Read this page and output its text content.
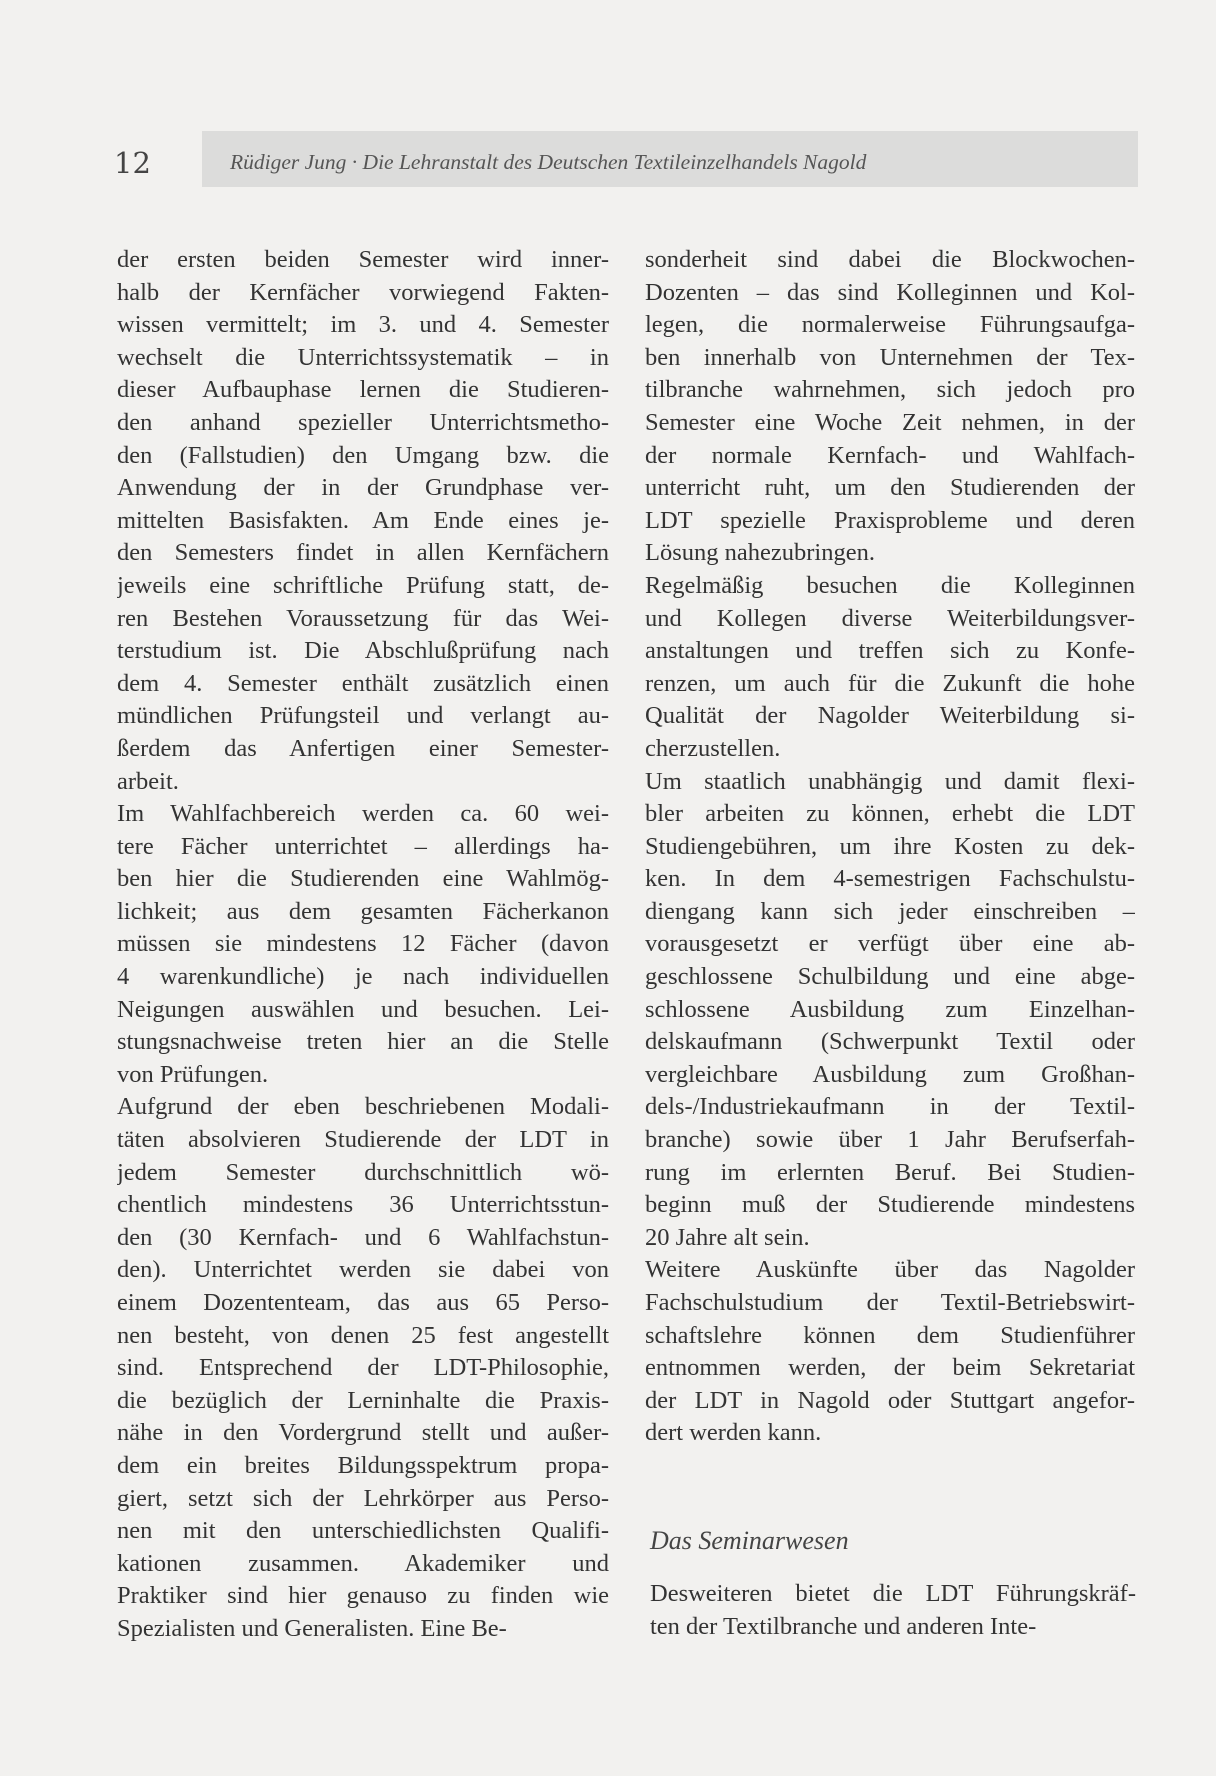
12	Rüdiger Jung · Die Lehranstalt des Deutschen Textileinzelhandels Nagold
der ersten beiden Semester wird inner-
halb der Kernfächer vorwiegend Fakten-
wissen vermittelt; im 3. und 4. Semester
wechselt die Unterrichtssystematik – in
dieser Aufbauphase lernen die Studieren-
den anhand spezieller Unterrichtsmetho-
den (Fallstudien) den Umgang bzw. die
Anwendung der in der Grundphase ver-
mittelten Basisfakten. Am Ende eines je-
den Semesters findet in allen Kernfächern
jeweils eine schriftliche Prüfung statt, de-
ren Bestehen Voraussetzung für das Wei-
terstudium ist. Die Abschlußprüfung nach
dem 4. Semester enthält zusätzlich einen
mündlichen Prüfungsteil und verlangt au-
ßerdem das Anfertigen einer Semester-
arbeit.
Im Wahlfachbereich werden ca. 60 wei-
tere Fächer unterrichtet – allerdings ha-
ben hier die Studierenden eine Wahlmög-
lichkeit; aus dem gesamten Fächerkanon
müssen sie mindestens 12 Fächer (davon
4 warenkundliche) je nach individuellen
Neigungen auswählen und besuchen. Lei-
stungsnachweise treten hier an die Stelle
von Prüfungen.
Aufgrund der eben beschriebenen Modali-
täten absolvieren Studierende der LDT in
jedem Semester durchschnittlich wö-
chentlich mindestens 36 Unterrichtsstun-
den (30 Kernfach- und 6 Wahlfachstun-
den). Unterrichtet werden sie dabei von
einem Dozententeam, das aus 65 Perso-
nen besteht, von denen 25 fest angestellt
sind. Entsprechend der LDT-Philosophie,
die bezüglich der Lerninhalte die Praxis-
nähe in den Vordergrund stellt und außer-
dem ein breites Bildungsspektrum propa-
giert, setzt sich der Lehrkörper aus Perso-
nen mit den unterschiedlichsten Qualifi-
kationen zusammen. Akademiker und
Praktiker sind hier genauso zu finden wie
Spezialisten und Generalisten. Eine Be-
sonderheit sind dabei die Blockwochen-
Dozenten – das sind Kolleginnen und Kol-
legen, die normalerweise Führungsaufga-
ben innerhalb von Unternehmen der Tex-
tilbranche wahrnehmen, sich jedoch pro
Semester eine Woche Zeit nehmen, in der
der normale Kernfach- und Wahlfach-
unterricht ruht, um den Studierenden der
LDT spezielle Praxisprobleme und deren
Lösung nahezubringen.
Regelmäßig besuchen die Kolleginnen
und Kollegen diverse Weiterbildungsver-
anstaltungen und treffen sich zu Konfe-
renzen, um auch für die Zukunft die hohe
Qualität der Nagolder Weiterbildung si-
cherzustellen.
Um staatlich unabhängig und damit flexi-
bler arbeiten zu können, erhebt die LDT
Studiengebühren, um ihre Kosten zu dek-
ken. In dem 4-semestrigen Fachschulstu-
diengang kann sich jeder einschreiben –
vorausgesetzt er verfügt über eine ab-
geschlossene Schulbildung und eine abge-
schlossene Ausbildung zum Einzelhan-
delskaufmann (Schwerpunkt Textil oder
vergleichbare Ausbildung zum Großhan-
dels-/Industriekaufmann in der Textil-
branche) sowie über 1 Jahr Berufserfah-
rung im erlernten Beruf. Bei Studien-
beginn muß der Studierende mindestens
20 Jahre alt sein.
Weitere Auskünfte über das Nagolder
Fachschulstudium der Textil-Betriebswirt-
schaftslehre können dem Studienführer
entnommen werden, der beim Sekretariat
der LDT in Nagold oder Stuttgart angefor-
dert werden kann.
Das Seminarwesen
Desweiteren bietet die LDT Führungskräf-
ten der Textilbranche und anderen Inte-
